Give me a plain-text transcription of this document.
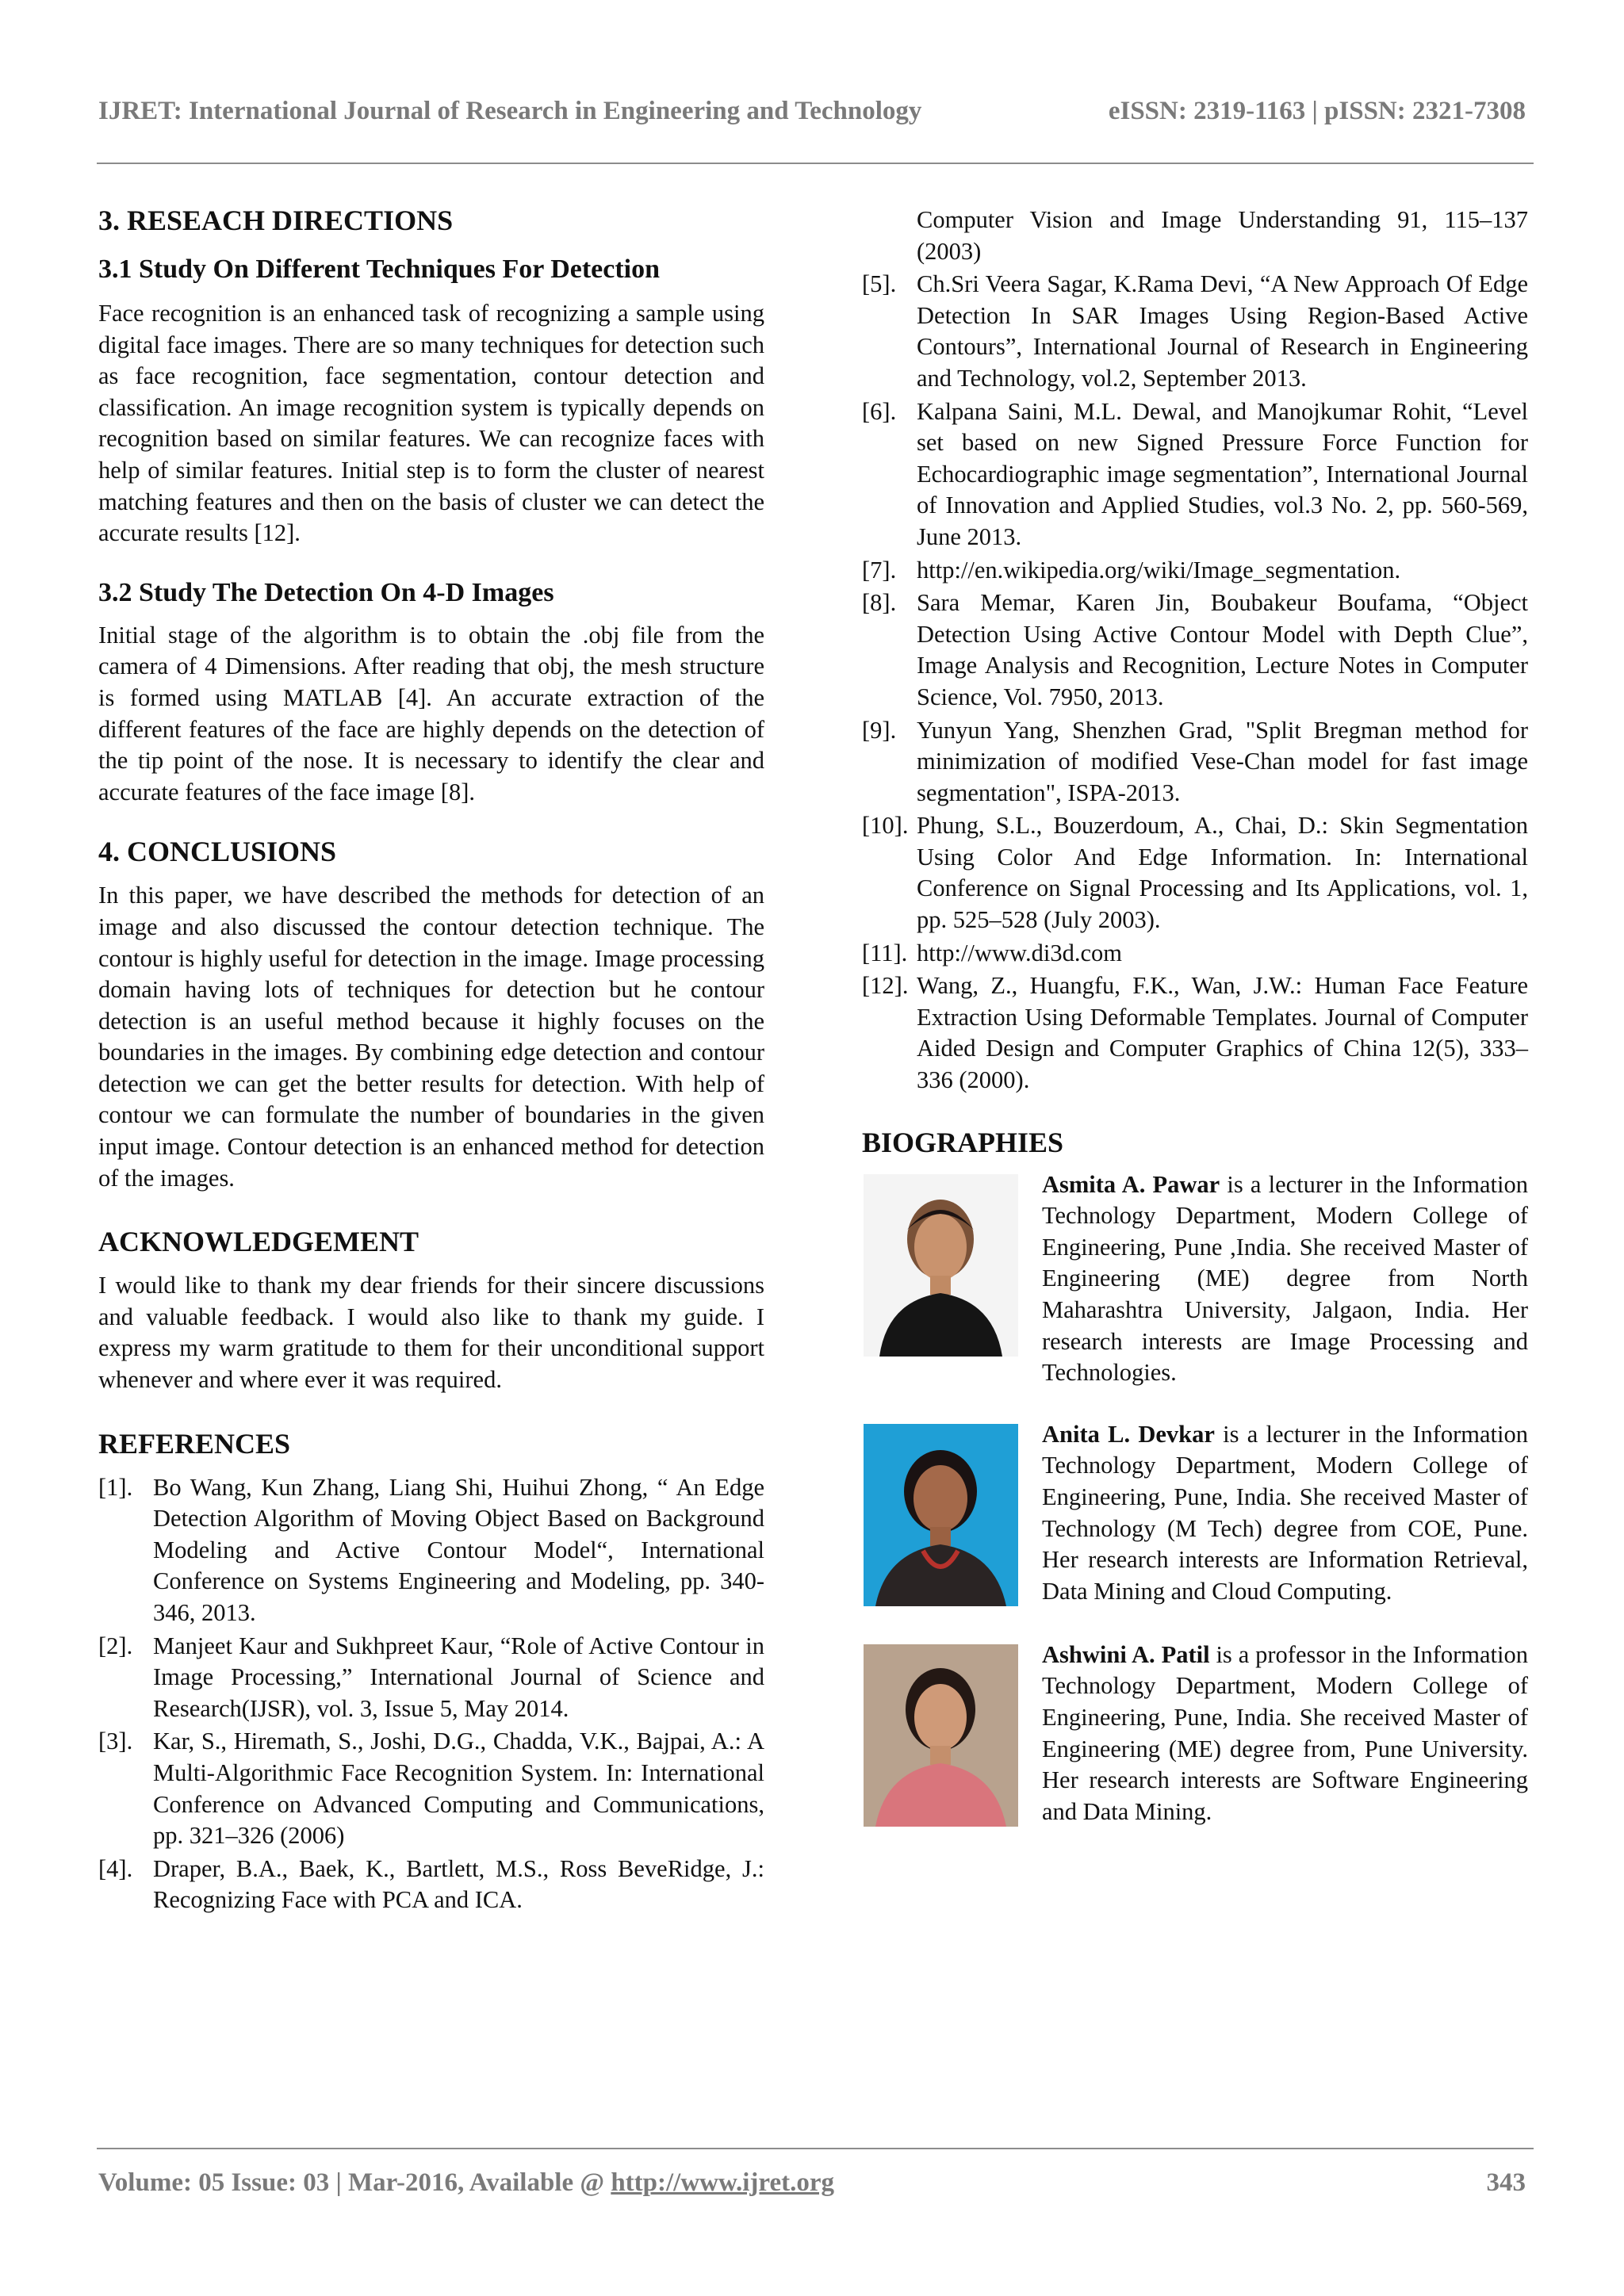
IJRET: International Journal of Research in Engineering and Technology	eISSN: 2319-1163 | pISSN: 2321-7308
3. RESEACH DIRECTIONS
3.1 Study On Different Techniques For Detection

Face recognition is an enhanced task of recognizing a sample using digital face images. There are so many techniques for detection such as face recognition, face segmentation, contour detection and classification. An image recognition system is typically depends on recognition based on similar features. We can recognize faces with help of similar features. Initial step is to form the cluster of nearest matching features and then on the basis of cluster we can detect the accurate results [12].

3.2 Study The Detection On 4-D Images

Initial stage of the algorithm is to obtain the .obj file from the camera of 4 Dimensions. After reading that obj, the mesh structure is formed using MATLAB [4]. An accurate extraction of the different features of the face are highly depends on the detection of the tip point of the nose. It is necessary to identify the clear and accurate features of the face image [8].

4. CONCLUSIONS

In this paper, we have described the methods for detection of an image and also discussed the contour detection technique. The contour is highly useful for detection in the image. Image processing domain having lots of techniques for detection but he contour detection is an useful method because it highly focuses on the boundaries in the images. By combining edge detection and contour detection we can get the better results for detection. With help of contour we can formulate the number of boundaries in the given input image. Contour detection is an enhanced method for detection of the images.

ACKNOWLEDGEMENT

I would like to thank my dear friends for their sincere discussions and valuable feedback. I would also like to thank my guide. I express my warm gratitude to them for their unconditional support whenever and where ever it was required.

REFERENCES
[1]. Bo Wang, Kun Zhang, Liang Shi, Huihui Zhong, “ An Edge Detection Algorithm of Moving Object Based on Background Modeling and Active Contour Model“, International Conference on Systems Engineering and Modeling, pp. 340-346, 2013.

[2]. Manjeet Kaur and Sukhpreet Kaur, “Role of Active Contour in Image Processing,” International Journal of Science and Research(IJSR), vol. 3, Issue 5, May 2014.

[3]. Kar, S., Hiremath, S., Joshi, D.G., Chadda, V.K., Bajpai, A.: A Multi-Algorithmic Face Recognition System. In: International Conference on Advanced Computing and Communications, pp. 321–326 (2006)

[4]. Draper, B.A., Baek, K., Bartlett, M.S., Ross BeveRidge, J.: Recognizing Face with PCA and ICA.

Computer Vision and Image Understanding 91, 115–137 (2003)

[5]. Ch.Sri Veera Sagar, K.Rama Devi, “A New Approach Of Edge Detection In SAR Images Using Region-Based Active Contours”, International Journal of Research in Engineering and Technology, vol.2, September 2013.

[6]. Kalpana Saini, M.L. Dewal, and Manojkumar Rohit, “Level set based on new Signed Pressure Force Function for Echocardiographic image segmentation”, International Journal of Innovation and Applied Studies, vol.3 No. 2, pp. 560-569, June 2013.

[7]. http://en.wikipedia.org/wiki/Image_segmentation.

[8]. Sara Memar, Karen Jin, Boubakeur Boufama, “Object Detection Using Active Contour Model with Depth Clue”, Image Analysis and Recognition, Lecture Notes in Computer Science, Vol. 7950, 2013.

[9]. Yunyun Yang, Shenzhen Grad, "Split Bregman method for minimization of modified Vese-Chan model for fast image segmentation", ISPA-2013.

[10]. Phung, S.L., Bouzerdoum, A., Chai, D.: Skin Segmentation Using Color And Edge Information. In: International Conference on Signal Processing and Its Applications, vol. 1, pp. 525–528 (July 2003).

[11]. http://www.di3d.com

[12]. Wang, Z., Huangfu, F.K., Wan, J.W.: Human Face Feature Extraction Using Deformable Templates. Journal of Computer Aided Design and Computer Graphics of China 12(5), 333–336 (2000).

BIOGRAPHIES

Asmita A. Pawar is a lecturer in the Information Technology Department, Modern College of Engineering, Pune ,India. She received Master of Engineering (ME) degree from North Maharashtra University, Jalgaon, India. Her research interests are Image Processing and Technologies.

Anita L. Devkar is a lecturer in the Information Technology Department, Modern College of Engineering, Pune, India. She received Master of Technology (M Tech) degree from COE, Pune. Her research interests are Information Retrieval, Data Mining and Cloud Computing.

Ashwini A. Patil is a professor in the Information Technology Department, Modern College of Engineering, Pune, India. She received Master of Engineering (ME) degree from, Pune University. Her research interests are Software Engineering and Data Mining.

Volume: 05 Issue: 03 | Mar-2016, Available @ http://www.ijret.org	343
